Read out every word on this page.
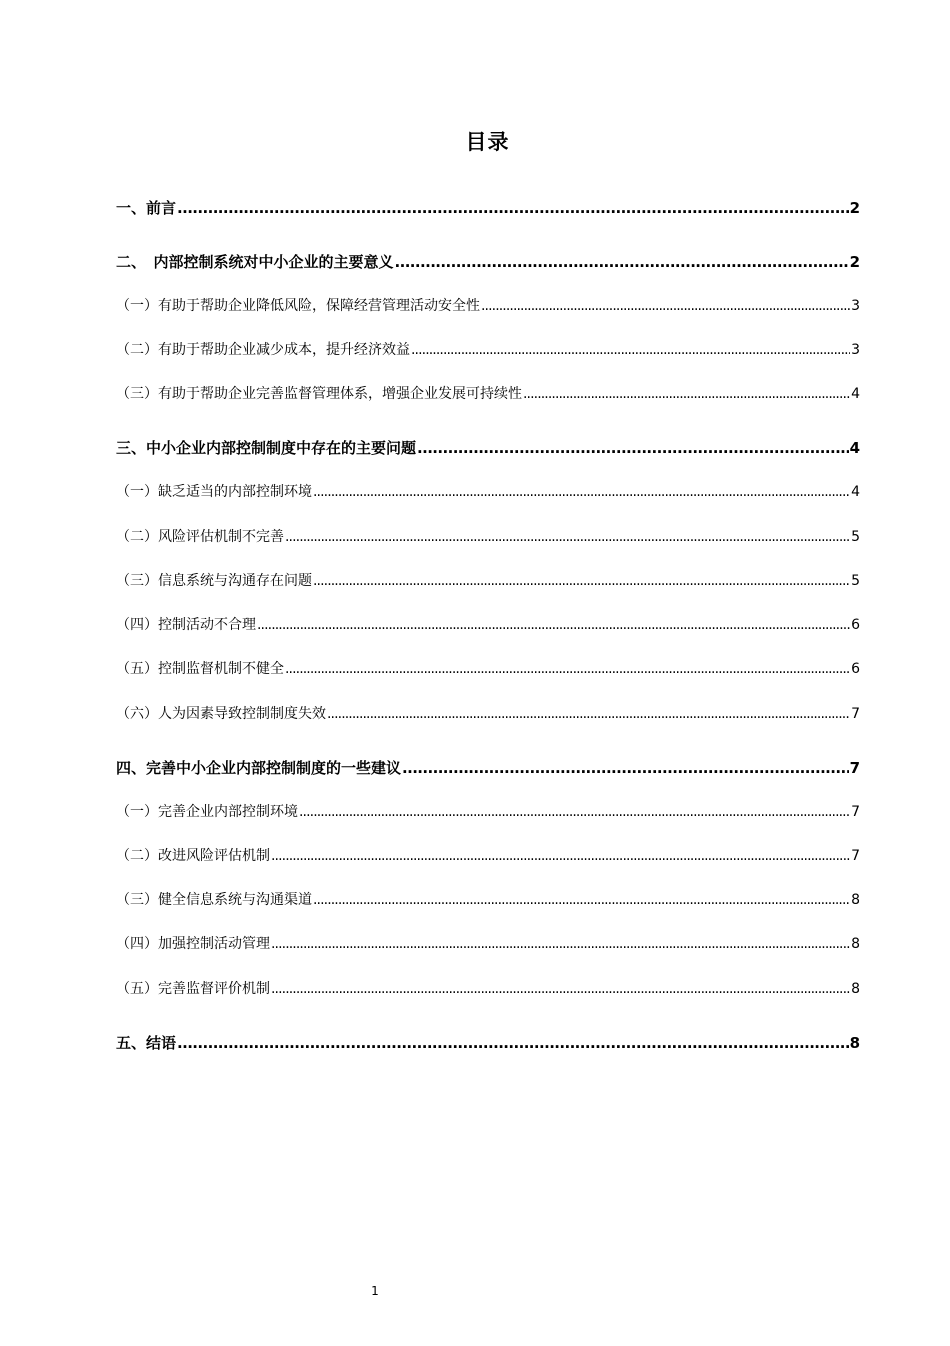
目录
一、前言 .....	2
二、　内部控制系统对中小企业的主要意义 .....	2
（一）有助于帮助企业降低风险，保障经营管理活动安全性 .....	3
（二）有助于帮助企业减少成本，提升经济效益 .....	3
（三）有助于帮助企业完善监督管理体系，增强企业发展可持续性 .....	4
三、中小企业内部控制制度中存在的主要问题 .....	4
（一）缺乏适当的内部控制环境 .....	4
（二）风险评估机制不完善 .....	5
（三）信息系统与沟通存在问题 .....	5
（四）控制活动不合理 .....	6
（五）控制监督机制不健全 .....	6
（六）人为因素导致控制制度失效 .....	7
四、完善中小企业内部控制制度的一些建议 .....	7
（一）完善企业内部控制环境 .....	7
（二）改进风险评估机制 .....	7
（三）健全信息系统与沟通渠道 .....	8
（四）加强控制活动管理 .....	8
（五）完善监督评价机制 .....	8
五、结语 .....	8
1
